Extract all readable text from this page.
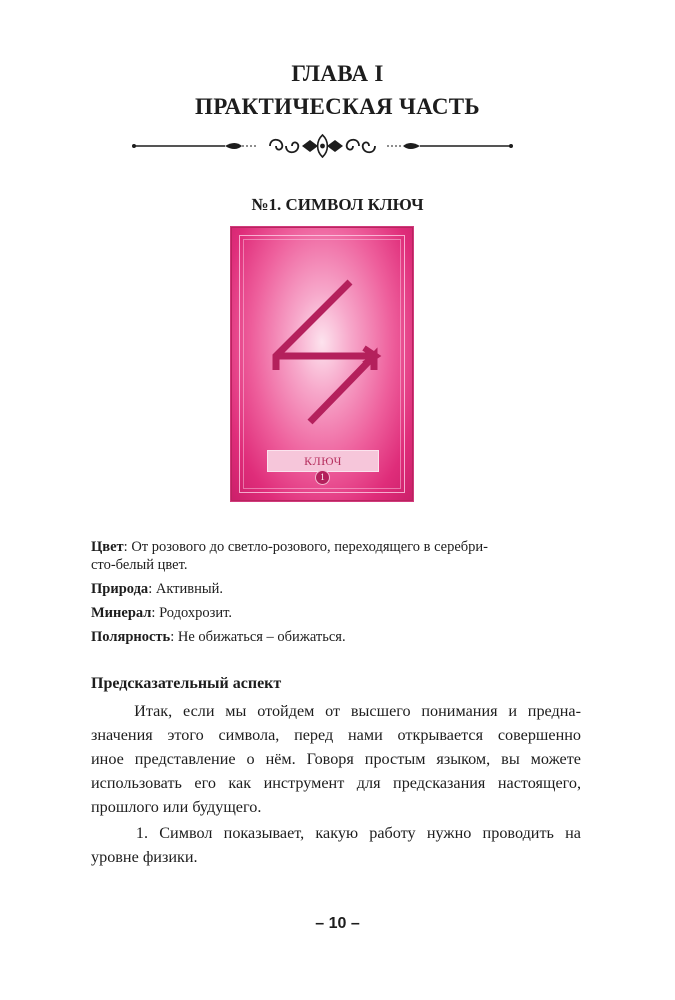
ГЛАВА I
ПРАКТИЧЕСКАЯ ЧАСТЬ
№1. СИМВОЛ КЛЮЧ
КЛЮЧ
1

Цвет: От розового до светло-розового, переходящего в серебри-
сто-белый цвет.

Природа: Активный.

Минерал: Родохрозит.

Полярность: Не обижаться – обижаться.

Предсказательный аспект
Итак, если мы отойдем от высшего понимания и предна-
значения этого символа, перед нами открывается совершенно
иное представление о нём. Говоря простым языком, вы можете
использовать его как инструмент для предсказания настоящего,
прошлого или будущего.
1. Символ показывает, какую работу нужно проводить на
уровне физики.
– 10 –
